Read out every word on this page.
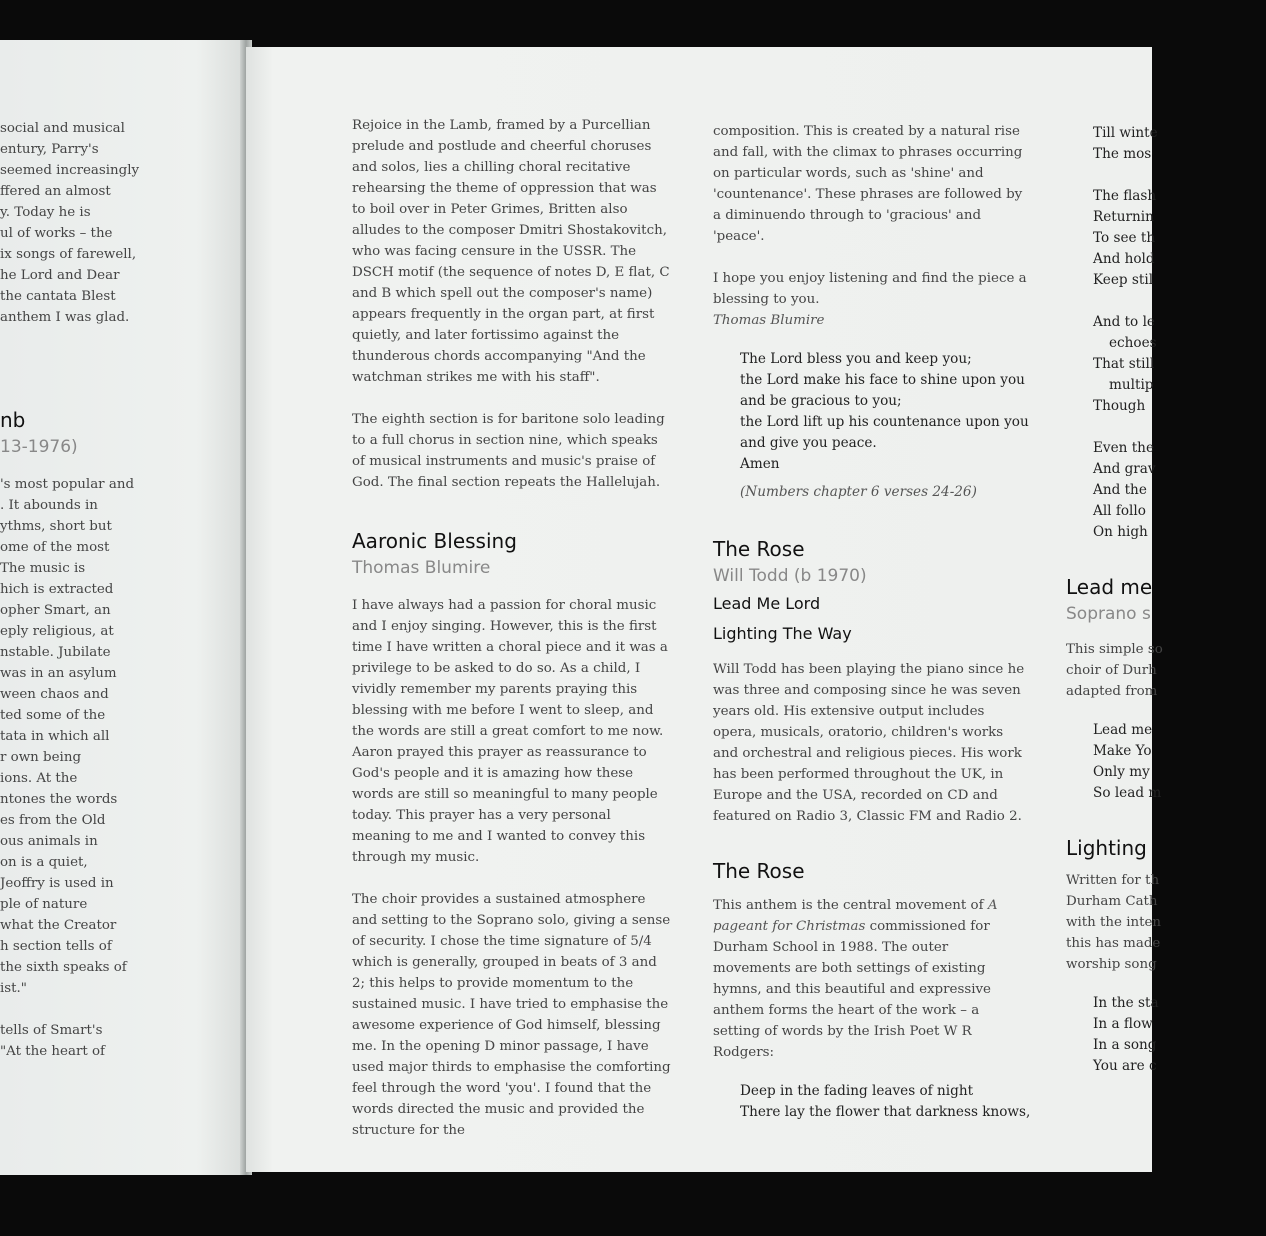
social and musical
entury, Parry's
seemed increasingly
ffered an almost
y. Today he is
ul of works – the
ix songs of farewell,
he Lord and Dear
the cantata Blest
anthem I was glad.
nb
13-1976)
's most popular and
. It abounds in
ythms, short but
ome of the most
The music is
hich is extracted
opher Smart, an
eply religious, at
nstable. Jubilate
was in an asylum
ween chaos and
ted some of the
tata in which all
r own being
ions. At the
ntones the words
es from the Old
ous animals in
on is a quiet,
Jeoffry is used in
ple of nature
what the Creator
h section tells of
the sixth speaks of
ist."
tells of Smart's
"At the heart of

Rejoice in the Lamb, framed by a Purcellian prelude and postlude and cheerful choruses and solos, lies a chilling choral recitative rehearsing the theme of oppression that was to boil over in Peter Grimes, Britten also alludes to the composer Dmitri Shostakovitch, who was facing censure in the USSR. The DSCH motif (the sequence of notes D, E flat, C and B which spell out the composer's name) appears frequently in the organ part, at first quietly, and later fortissimo against the thunderous chords accompanying "And the watchman strikes me with his staff".

The eighth section is for baritone solo leading to a full chorus in section nine, which speaks of musical instruments and music's praise of God. The final section repeats the Hallelujah.

Aaronic Blessing
Thomas Blumire

I have always had a passion for choral music and I enjoy singing. However, this is the first time I have written a choral piece and it was a privilege to be asked to do so. As a child, I vividly remember my parents praying this blessing with me before I went to sleep, and the words are still a great comfort to me now. Aaron prayed this prayer as reassurance to God's people and it is amazing how these words are still so meaningful to many people today. This prayer has a very personal meaning to me and I wanted to convey this through my music.

The choir provides a sustained atmosphere and setting to the Soprano solo, giving a sense of security. I chose the time signature of 5/4 which is generally, grouped in beats of 3 and 2; this helps to provide momentum to the sustained music. I have tried to emphasise the awesome experience of God himself, blessing me. In the opening D minor passage, I have used major thirds to emphasise the comforting feel through the word 'you'. I found that the words directed the music and provided the structure for the

composition. This is created by a natural rise and fall, with the climax to phrases occurring on particular words, such as 'shine' and 'countenance'. These phrases are followed by a diminuendo through to 'gracious' and 'peace'.

I hope you enjoy listening and find the piece a blessing to you.
Thomas Blumire

The Lord bless you and keep you;
the Lord make his face to shine upon you
and be gracious to you;
the Lord lift up his countenance upon you
and give you peace.
Amen
(Numbers chapter 6 verses 24-26)
The Rose
Will Todd (b 1970)
Lead Me Lord
Lighting The Way

Will Todd has been playing the piano since he was three and composing since he was seven years old. His extensive output includes opera, musicals, oratorio, children's works and orchestral and religious pieces. His work has been performed throughout the UK, in Europe and the USA, recorded on CD and featured on Radio 3, Classic FM and Radio 2.

The Rose

This anthem is the central movement of A pageant for Christmas commissioned for Durham School in 1988. The outer movements are both settings of existing hymns, and this beautiful and expressive anthem forms the heart of the work – a setting of words by the Irish Poet W R Rodgers:

Deep in the fading leaves of night
There lay the flower that darkness knows,
Till winte
The mos
The flash
Returnin
To see th
And hold
Keep stil
And to le
echoes
That still
multip
Though
Even the
And grav
And the
All follo
On high
Lead me
Soprano s
This simple so
choir of Durh
adapted from
Lead me
Make Yo
Only my
So lead m
Lighting
Written for th
Durham Cath
with the inten
this has made
worship song
In the sta
In a flow
In a song
You are c
